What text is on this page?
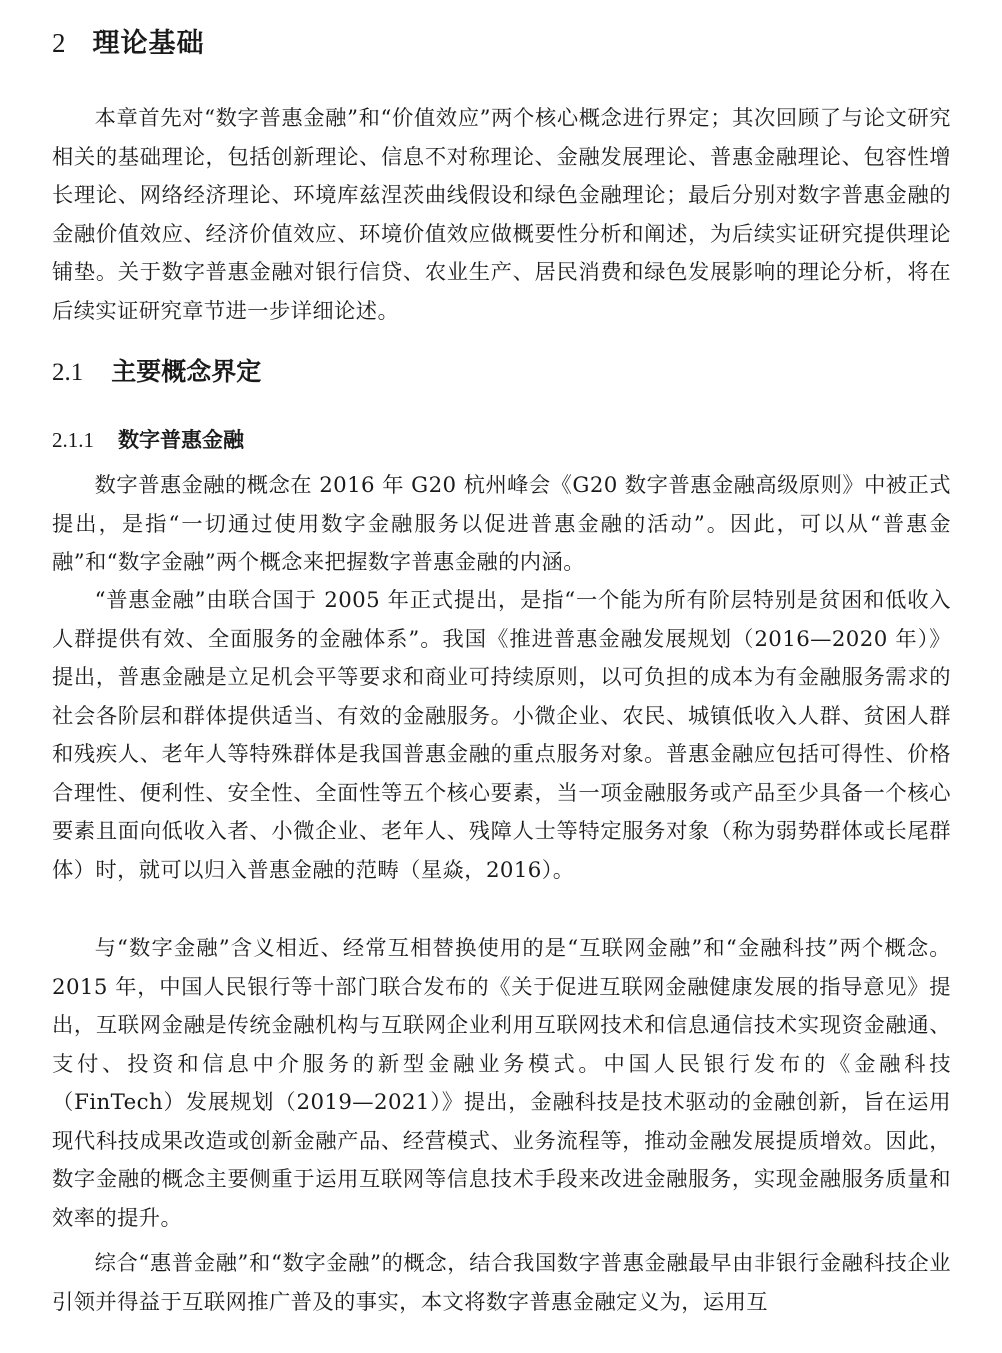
2 理论基础

本章首先对“数字普惠金融”和“价值效应”两个核心概念进行界定；其次回顾了与论文研究相关的基础理论，包括创新理论、信息不对称理论、金融发展理论、普惠金融理论、包容性增长理论、网络经济理论、环境库兹涅茨曲线假设和绿色金融理论；最后分别对数字普惠金融的金融价值效应、经济价值效应、环境价值效应做概要性分析和阐述，为后续实证研究提供理论铺垫。关于数字普惠金融对银行信贷、农业生产、居民消费和绿色发展影响的理论分析，将在后续实证研究章节进一步详细论述。

2.1 主要概念界定
2.1.1 数字普惠金融

数字普惠金融的概念在 2016 年 G20 杭州峰会《G20 数字普惠金融高级原则》中被正式提出，是指“一切通过使用数字金融服务以促进普惠金融的活动”。因此，可以从“普惠金融”和“数字金融”两个概念来把握数字普惠金融的内涵。

“普惠金融”由联合国于 2005 年正式提出，是指“一个能为所有阶层特别是贫困和低收入人群提供有效、全面服务的金融体系”。我国《推进普惠金融发展规划（2016—2020 年）》提出，普惠金融是立足机会平等要求和商业可持续原则，以可负担的成本为有金融服务需求的社会各阶层和群体提供适当、有效的金融服务。小微企业、农民、城镇低收入人群、贫困人群和残疾人、老年人等特殊群体是我国普惠金融的重点服务对象。普惠金融应包括可得性、价格合理性、便利性、安全性、全面性等五个核心要素，当一项金融服务或产品至少具备一个核心要素且面向低收入者、小微企业、老年人、残障人士等特定服务对象（称为弱势群体或长尾群体）时，就可以归入普惠金融的范畴（星焱，2016）。

与“数字金融”含义相近、经常互相替换使用的是“互联网金融”和“金融科技”两个概念。2015 年，中国人民银行等十部门联合发布的《关于促进互联网金融健康发展的指导意见》提出，互联网金融是传统金融机构与互联网企业利用互联网技术和信息通信技术实现资金融通、支付、投资和信息中介服务的新型金融业务模式。中国人民银行发布的《金融科技（FinTech）发展规划（2019—2021）》提出，金融科技是技术驱动的金融创新，旨在运用现代科技成果改造或创新金融产品、经营模式、业务流程等，推动金融发展提质增效。因此，数字金融的概念主要侧重于运用互联网等信息技术手段来改进金融服务，实现金融服务质量和效率的提升。

综合“惠普金融”和“数字金融”的概念，结合我国数字普惠金融最早由非银行金融科技企业引领并得益于互联网推广普及的事实，本文将数字普惠金融定义为，运用互
